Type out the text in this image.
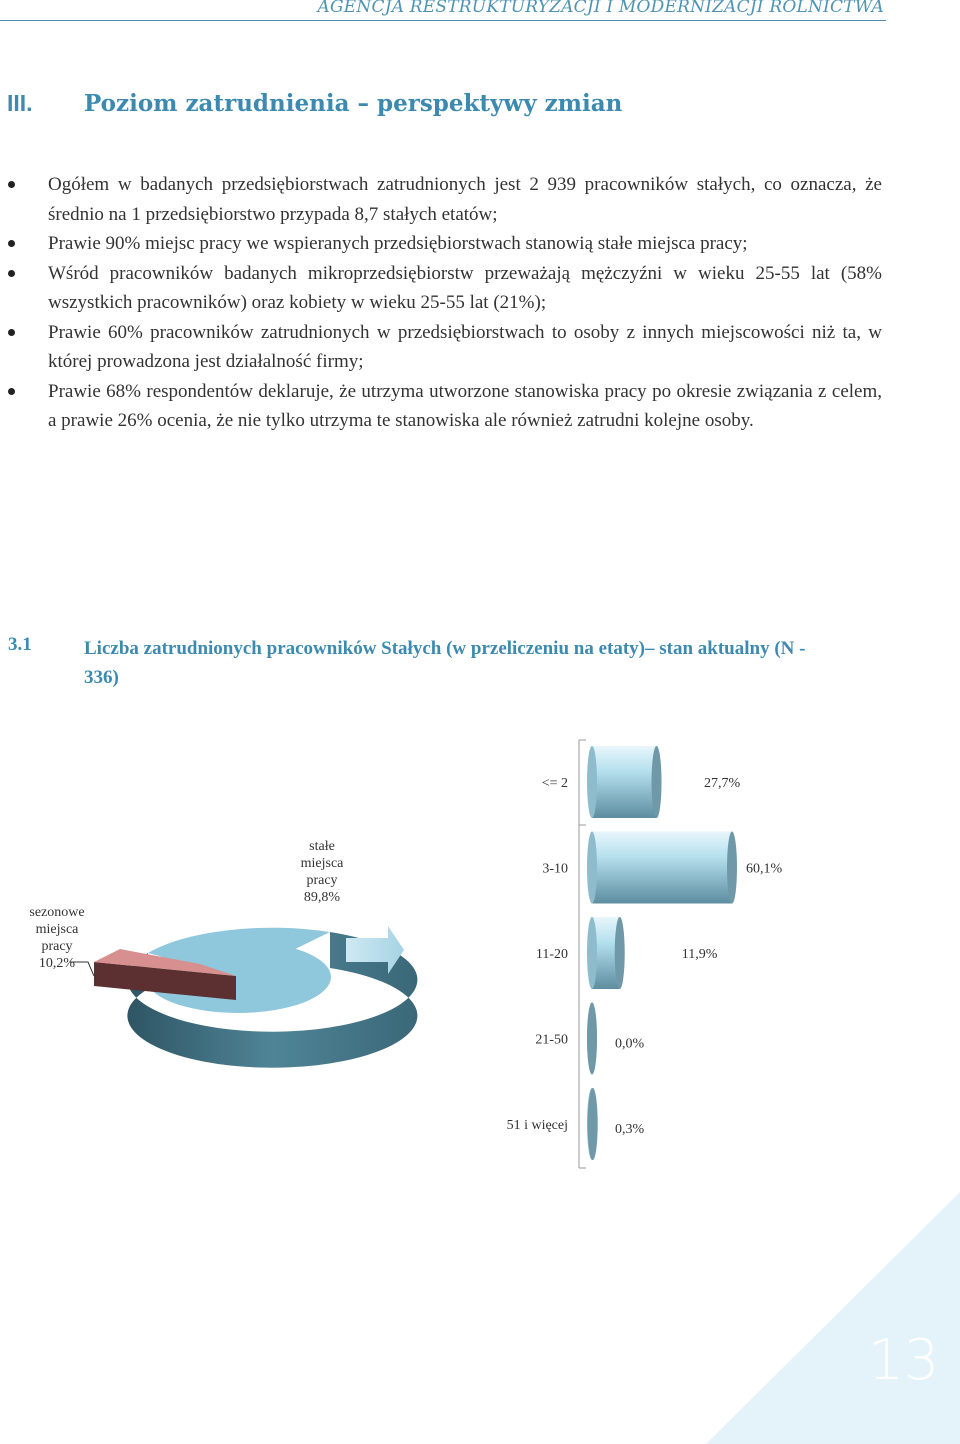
AGENCJA RESTRUKTURYZACJI I MODERNIZACJI ROLNICTWA
III. Poziom zatrudnienia – perspektywy zmian
Ogółem w badanych przedsiębiorstwach zatrudnionych jest 2 939 pracowników stałych, co oznacza, że średnio na 1 przedsiębiorstwo przypada 8,7 stałych etatów;
Prawie 90% miejsc pracy we wspieranych przedsiębiorstwach stanowią stałe miejsca pracy;
Wśród pracowników badanych mikroprzedsiębiorstw przeważają mężczyźni w wieku 25-55 lat (58% wszystkich pracowników) oraz kobiety w wieku 25-55 lat (21%);
Prawie 60% pracowników zatrudnionych w przedsiębiorstwach to osoby z innych miejscowości niż ta, w której prowadzona jest działalność firmy;
Prawie 68% respondentów deklaruje, że utrzyma utworzone stanowiska pracy po okresie związania z celem, a prawie 26% ocenia, że nie tylko utrzyma te stanowiska ale również zatrudni kolejne osoby.
3.1	Liczba zatrudnionych pracowników Stałych (w przeliczeniu na etaty)– stan aktualny (N - 336)
stałe
miejsca
pracy
89,8%
sezonowe
miejsca
pracy
10,2%
<= 2	27,7%
3-10	60,1%
11-20	11,9%
21-50	0,0%
51 i więcej	0,3%
13
